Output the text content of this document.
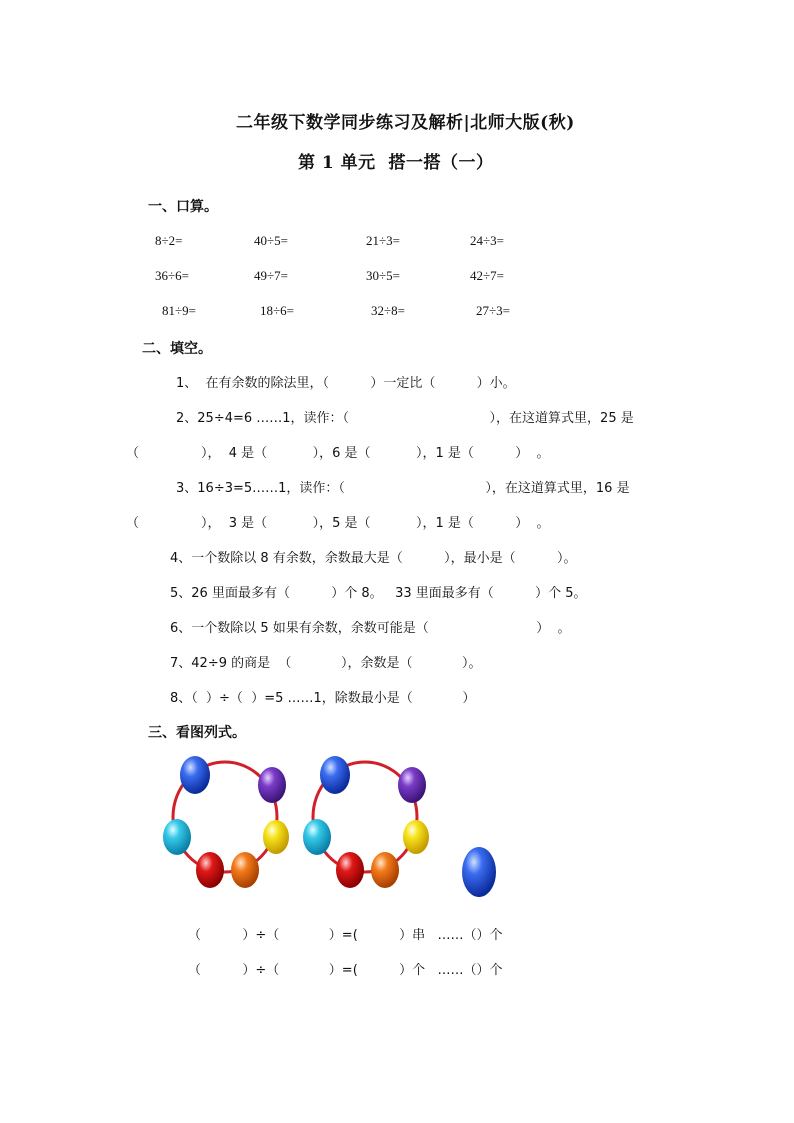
二年级下数学同步练习及解析|北师大版(秋)
第 1 单元  搭一搭（一）
一、口算。
8÷2=	40÷5=	21÷3=	24÷3=
36÷6=	49÷7=	30÷5=	42÷7=
81÷9=	18÷6=	32÷8=	27÷3=
二、填空。
1、  在有余数的除法里，（          ）一定比（          ）小。
2、25÷4=6 ……1，读作：（                                  ），在这道算式里，25 是
（               ），  4 是（           ），6 是（           ），1 是（          ）  。
3、16÷3=5……1，读作：（                                  ），在这道算式里，16 是
（               ），  3 是（           ），5 是（           ），1 是（          ）  。
4、一个数除以 8 有余数，余数最大是（          ），最小是（          ）。
5、26 里面最多有（          ）个 8。   33 里面最多有（          ）个 5。
6、一个数除以 5 如果有余数，余数可能是（                          ）  。
7、42÷9 的商是  （            ），余数是（            ）。
8、（  ）÷（  ）=5 ……1，除数最小是（            ）
三、看图列式。
（          ）÷（            ）=(          ）串   ……（）个
（          ）÷（            ）=(          ）个   ……（）个
